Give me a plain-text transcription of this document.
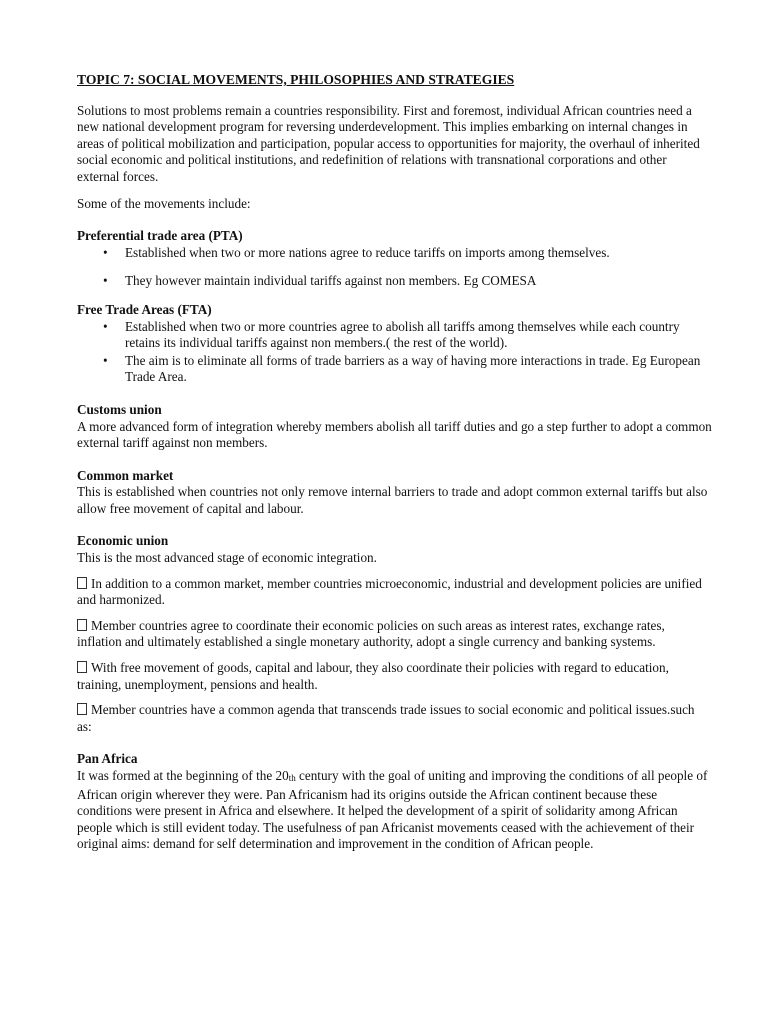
TOPIC 7: SOCIAL MOVEMENTS, PHILOSOPHIES AND STRATEGIES

Solutions to most problems remain a countries responsibility. First and foremost, individual African countries need a new national development program for reversing underdevelopment. This implies embarking on internal changes in areas of political mobilization and participation, popular access to opportunities for majority, the overhaul of inherited social economic and political institutions, and redefinition of relations with transnational corporations and other external forces.

Some of the movements include:

Preferential trade area (PTA)

• Established when two or more nations agree to reduce tariffs on imports among themselves.
• They however maintain individual tariffs against non members. Eg COMESA

Free Trade Areas (FTA)

• Established when two or more countries agree to abolish all tariffs among themselves while each country retains its individual tariffs against non members.( the rest of the world).
• The aim is to eliminate all forms of trade barriers as a way of having more interactions in trade. Eg European Trade Area.

Customs union

A more advanced form of integration whereby members abolish all tariff duties and go a step further to adopt a common external tariff against non members.

Common market

This is established when countries not only remove internal barriers to trade and adopt common external tariffs but also allow free movement of capital and labour.

Economic union

This is the most advanced stage of economic integration.

In addition to a common market, member countries microeconomic, industrial and development policies are unified and harmonized.

Member countries agree to coordinate their economic policies on such areas as interest rates, exchange rates, inflation and ultimately established a single monetary authority, adopt a single currency and banking systems.

With free movement of goods, capital and labour, they also coordinate their policies with regard to education, training, unemployment, pensions and health.

Member countries have a common agenda that transcends trade issues to social economic and political issues.such as:

Pan Africa

It was formed at the beginning of the $20_{th}$ century with the goal of uniting and improving the conditions of all people of African origin wherever they were. Pan Africanism had its origins outside the African continent because these conditions were present in Africa and elsewhere. It helped the development of a spirit of solidarity among African people which is still evident today. The usefulness of pan Africanist movements ceased with the achievement of their original aims: demand for self determination and improvement in the condition of African people.
